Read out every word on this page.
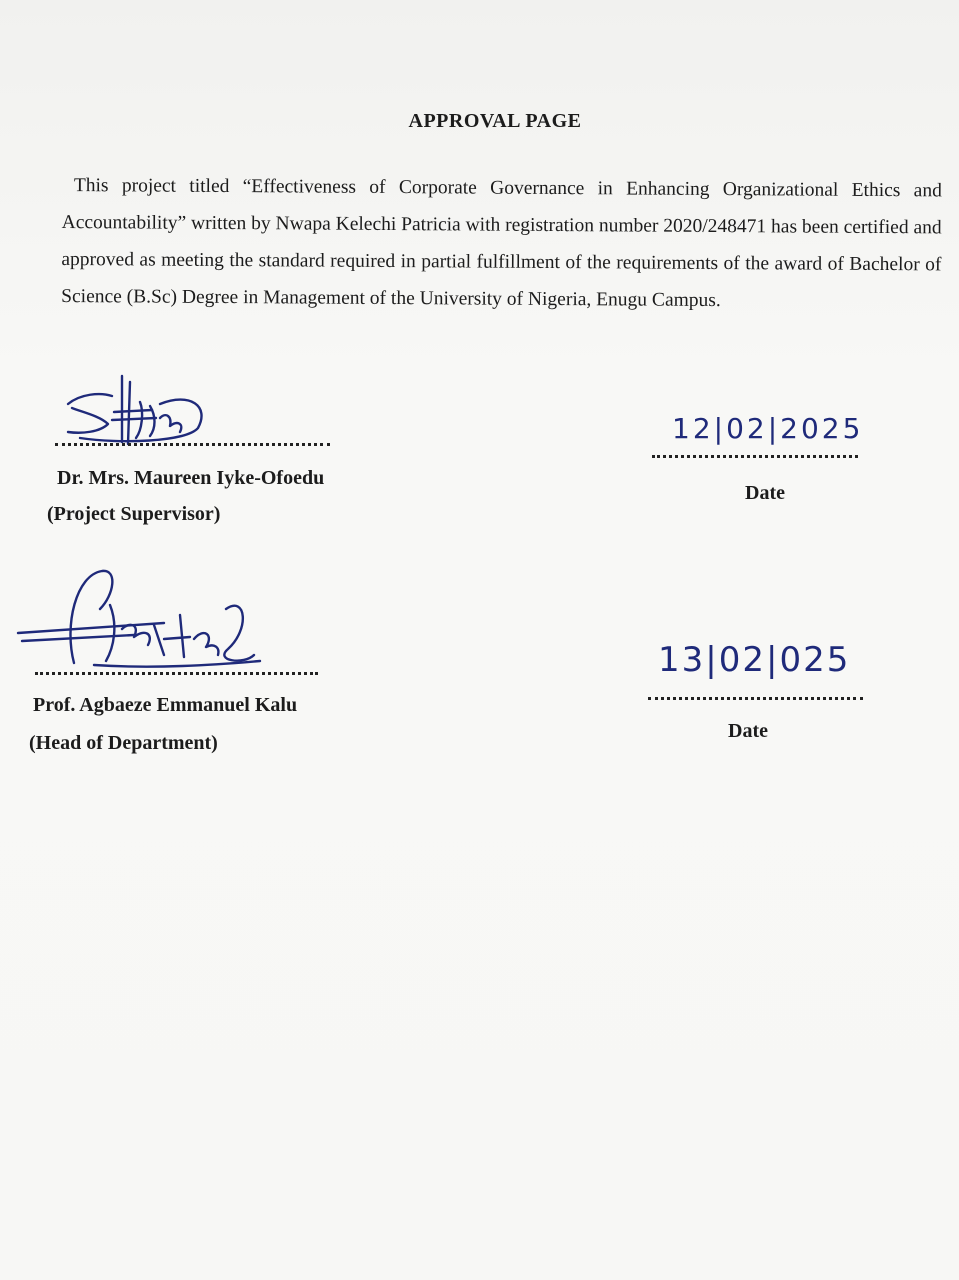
APPROVAL PAGE

This project titled “Effectiveness of Corporate Governance in Enhancing Organizational Ethics and Accountability” written by Nwapa Kelechi Patricia with registration number 2020/248471 has been certified and approved as meeting the standard required in partial fulfillment of the requirements of the award of Bachelor of Science (B.Sc) Degree in Management of the University of Nigeria, Enugu Campus.

Dr. Mrs. Maureen Iyke-Ofoedu
(Project Supervisor)
12|02|2025
Date
Prof. Agbaeze Emmanuel Kalu
(Head of Department)
13|02|025
Date
